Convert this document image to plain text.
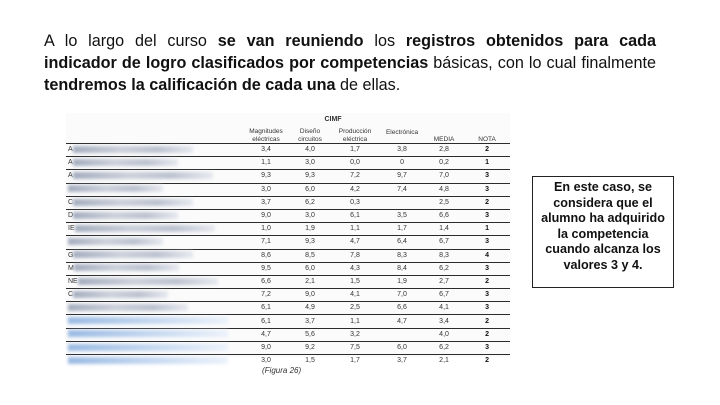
A lo largo del curso se van reuniendo los registros obtenidos para cada indicador de logro clasificados por competencias básicas, con lo cual finalmente tendremos la calificación de cada una de ellas.

	CIMF					
	Magnitudes eléctricas	Diseño circuitos	Producción eléctrica	Electrónica	MEDIA	NOTA
A	3,4	4,0	1,7	3,8	2,8	2
A	1,1	3,0	0,0	0	0,2	1
A	9,3	9,3	7,2	9,7	7,0	3
	3,0	6,0	4,2	7,4	4,8	3
C	3,7	6,2	0,3		2,5	2
D	9,0	3,0	6,1	3,5	6,6	3
IE	1,0	1,9	1,1	1,7	1,4	1
	7,1	9,3	4,7	6,4	6,7	3
G	8,6	8,5	7,8	8,3	8,3	4
M	9,5	6,0	4,3	8,4	6,2	3
NE	6,6	2,1	1,5	1,9	2,7	2
C	7,2	9,0	4,1	7,0	6,7	3
	6,1	4,9	2,5	6,6	4,1	3
	6,1	3,7	1,1	4,7	3,4	2
	4,7	5,6	3,2		4,0	2
	9,0	9,2	7,5	6,0	6,2	3
	3,0	1,5	1,7	3,7	2,1	2
En este caso, se considera que el alumno ha adquirido la competencia cuando alcanza los valores 3 y 4.
(Figura 26)
